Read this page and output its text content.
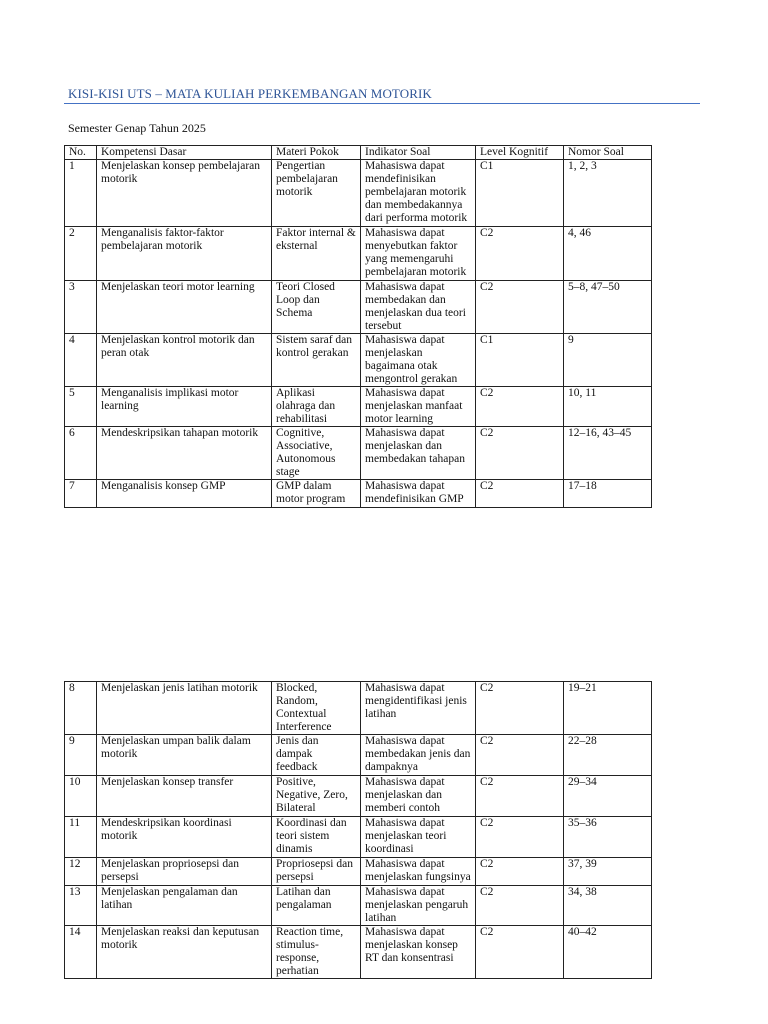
KISI-KISI UTS – MATA KULIAH PERKEMBANGAN MOTORIK
Semester Genap Tahun 2025
No.	Kompetensi Dasar	Materi Pokok	Indikator Soal	Level Kognitif	Nomor Soal
1	Menjelaskan konsep pembelajaran motorik	Pengertian pembelajaran motorik	Mahasiswa dapat mendefinisikan pembelajaran motorik dan membedakannya dari performa motorik	C1	1, 2, 3
2	Menganalisis faktor-faktor pembelajaran motorik	Faktor internal & eksternal	Mahasiswa dapat menyebutkan faktor yang memengaruhi pembelajaran motorik	C2	4, 46
3	Menjelaskan teori motor learning	Teori Closed Loop dan Schema	Mahasiswa dapat membedakan dan menjelaskan dua teori tersebut	C2	5–8, 47–50
4	Menjelaskan kontrol motorik dan peran otak	Sistem saraf dan kontrol gerakan	Mahasiswa dapat menjelaskan bagaimana otak mengontrol gerakan	C1	9
5	Menganalisis implikasi motor learning	Aplikasi olahraga dan rehabilitasi	Mahasiswa dapat menjelaskan manfaat motor learning	C2	10, 11
6	Mendeskripsikan tahapan motorik	Cognitive, Associative, Autonomous stage	Mahasiswa dapat menjelaskan dan membedakan tahapan	C2	12–16, 43–45
7	Menganalisis konsep GMP	GMP dalam motor program	Mahasiswa dapat mendefinisikan GMP	C2	17–18
8	Menjelaskan jenis latihan motorik	Blocked, Random, Contextual Interference	Mahasiswa dapat mengidentifikasi jenis latihan	C2	19–21
9	Menjelaskan umpan balik dalam motorik	Jenis dan dampak feedback	Mahasiswa dapat membedakan jenis dan dampaknya	C2	22–28
10	Menjelaskan konsep transfer	Positive, Negative, Zero, Bilateral	Mahasiswa dapat menjelaskan dan memberi contoh	C2	29–34
11	Mendeskripsikan koordinasi motorik	Koordinasi dan teori sistem dinamis	Mahasiswa dapat menjelaskan teori koordinasi	C2	35–36
12	Menjelaskan propriosepsi dan persepsi	Propriosepsi dan persepsi	Mahasiswa dapat menjelaskan fungsinya	C2	37, 39
13	Menjelaskan pengalaman dan latihan	Latihan dan pengalaman	Mahasiswa dapat menjelaskan pengaruh latihan	C2	34, 38
14	Menjelaskan reaksi dan keputusan motorik	Reaction time, stimulus-response, perhatian	Mahasiswa dapat menjelaskan konsep RT dan konsentrasi	C2	40–42
